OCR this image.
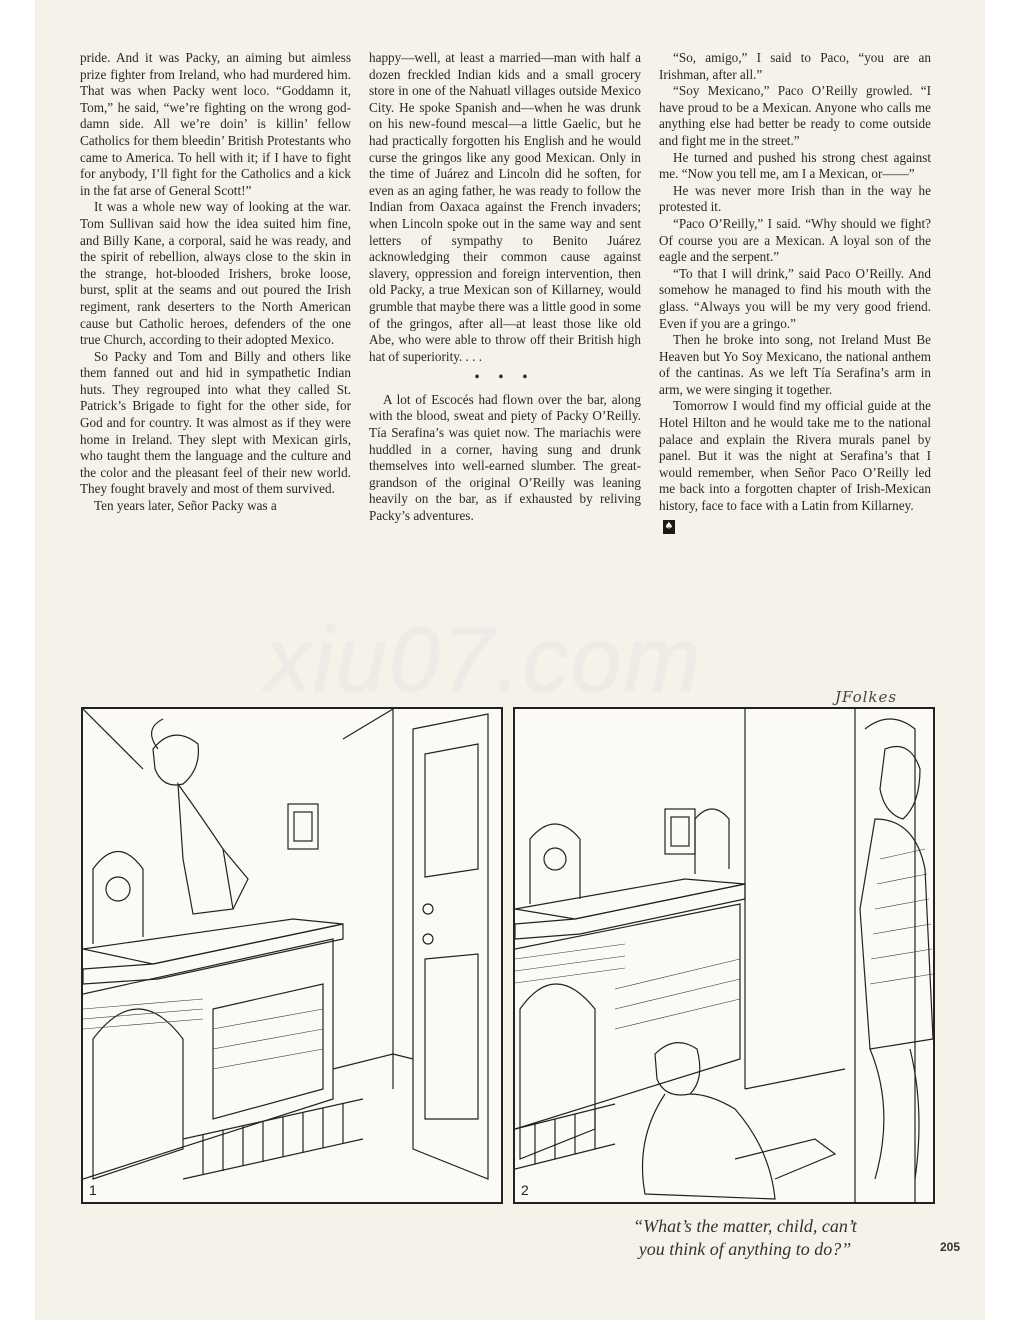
pride. And it was Packy, an aiming but aimless prize fighter from Ireland, who had murdered him. That was when Packy went loco. “Goddamn it, Tom,” he said, “we’re fighting on the wrong god-damn side. All we’re doin’ is killin’ fellow Catholics for them bleedin’ British Protestants who came to America. To hell with it; if I have to fight for anybody, I’ll fight for the Catholics and a kick in the fat arse of General Scott!”

It was a whole new way of looking at the war. Tom Sullivan said how the idea suited him fine, and Billy Kane, a corporal, said he was ready, and the spirit of rebellion, always close to the skin in the strange, hot-blooded Irishers, broke loose, burst, split at the seams and out poured the Irish regiment, rank deserters to the North American cause but Catholic heroes, defenders of the one true Church, according to their adopted Mexico.

So Packy and Tom and Billy and others like them fanned out and hid in sympathetic Indian huts. They regrouped into what they called St. Patrick’s Brigade to fight for the other side, for God and for country. It was almost as if they were home in Ireland. They slept with Mexican girls, who taught them the language and the culture and the color and the pleasant feel of their new world. They fought bravely and most of them survived.

Ten years later, Señor Packy was a

happy—well, at least a married—man with half a dozen freckled Indian kids and a small grocery store in one of the Nahuatl villages outside Mexico City. He spoke Spanish and—when he was drunk on his new-found mescal—a little Gaelic, but he had practically forgotten his English and he would curse the gringos like any good Mexican. Only in the time of Juárez and Lincoln did he soften, for even as an aging father, he was ready to follow the Indian from Oaxaca against the French invaders; when Lincoln spoke out in the same way and sent letters of sympathy to Benito Juárez acknowledging their common cause against slavery, oppression and foreign intervention, then old Packy, a true Mexican son of Killarney, would grumble that maybe there was a little good in some of the gringos, after all—at least those like old Abe, who were able to throw off their British high hat of superiority. . . .

• • •

A lot of Escocés had flown over the bar, along with the blood, sweat and piety of Packy O’Reilly. Tía Serafina’s was quiet now. The mariachis were huddled in a corner, having sung and drunk themselves into well-earned slumber. The great-grandson of the original O’Reilly was leaning heavily on the bar, as if exhausted by reliving Packy’s adventures.

“So, amigo,” I said to Paco, “you are an Irishman, after all.”

“Soy Mexicano,” Paco O’Reilly growled. “I have proud to be a Mexican. Anyone who calls me anything else had better be ready to come outside and fight me in the street.”

He turned and pushed his strong chest against me. “Now you tell me, am I a Mexican, or——”

He was never more Irish than in the way he protested it.

“Paco O’Reilly,” I said. “Why should we fight? Of course you are a Mexican. A loyal son of the eagle and the serpent.”

“To that I will drink,” said Paco O’Reilly. And somehow he managed to find his mouth with the glass. “Always you will be my very good friend. Even if you are a gringo.”

Then he broke into song, not Ireland Must Be Heaven but Yo Soy Mexicano, the national anthem of the cantinas. As we left Tía Serafina’s arm in arm, we were singing it together.

Tomorrow I would find my official guide at the Hotel Hilton and he would take me to the national palace and explain the Rivera murals panel by panel. But it was the night at Serafina’s that I would remember, when Señor Paco O’Reilly led me back into a forgotten chapter of Irish-Mexican history, face to face with a Latin from Killarney.

♠
JFolkes
1	2
“What’s the matter, child, can’t
you think of anything to do?”	205
xiu07.com
